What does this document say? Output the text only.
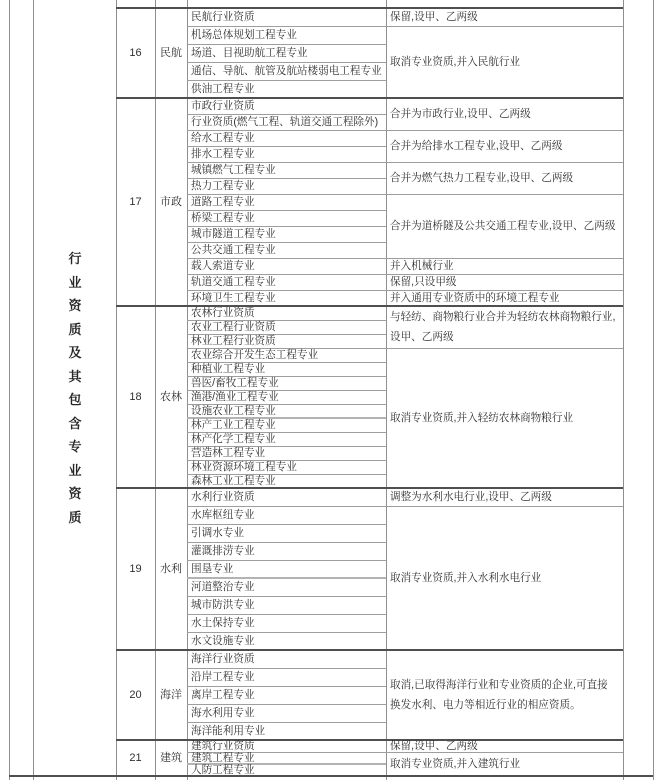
行
业
资
质
及
其
包
含
专
业
资
质
16 民航
民航行业资质
机场总体规划工程专业
场道、目视助航工程专业
通信、导航、航管及航站楼弱电工程专业
供油工程专业
保留,设甲、乙两级
取消专业资质,并入民航行业
17 市政
市政行业资质
行业资质(燃气工程、轨道交通工程除外)
给水工程专业
排水工程专业
城镇燃气工程专业
热力工程专业
道路工程专业
桥梁工程专业
城市隧道工程专业
公共交通工程专业
载人索道专业
轨道交通工程专业
环境卫生工程专业
合并为市政行业,设甲、乙两级
合并为给排水工程专业,设甲、乙两级
合并为燃气热力工程专业,设甲、乙两级
合并为道桥隧及公共交通工程专业,设甲、乙两级
并入机械行业
保留,只设甲级
并入通用专业资质中的环境工程专业
18 农林
农林行业资质
农业工程行业资质
林业工程行业资质
农业综合开发生态工程专业
种植业工程专业
兽医/畜牧工程专业
渔港/渔业工程专业
设施农业工程专业
林产工业工程专业
林产化学工程专业
营造林工程专业
林业资源环境工程专业
森林工业工程专业
与轻纺、商物粮行业合并为轻纺农林商物粮行业,设甲、乙两级
取消专业资质,并入轻纺农林商物粮行业
19 水利
水利行业资质
水库枢纽专业
引调水专业
灌溉排涝专业
围垦专业
河道整治专业
城市防洪专业
水土保持专业
水文设施专业
调整为水利水电行业,设甲、乙两级
取消专业资质,并入水利水电行业
20 海洋
海洋行业资质
沿岸工程专业
离岸工程专业
海水利用专业
海洋能利用专业
取消,已取得海洋行业和专业资质的企业,可直接换发水利、电力等相近行业的相应资质。
21 建筑
建筑行业资质
建筑工程专业
人防工程专业
保留,设甲、乙两级
取消专业资质,并入建筑行业
